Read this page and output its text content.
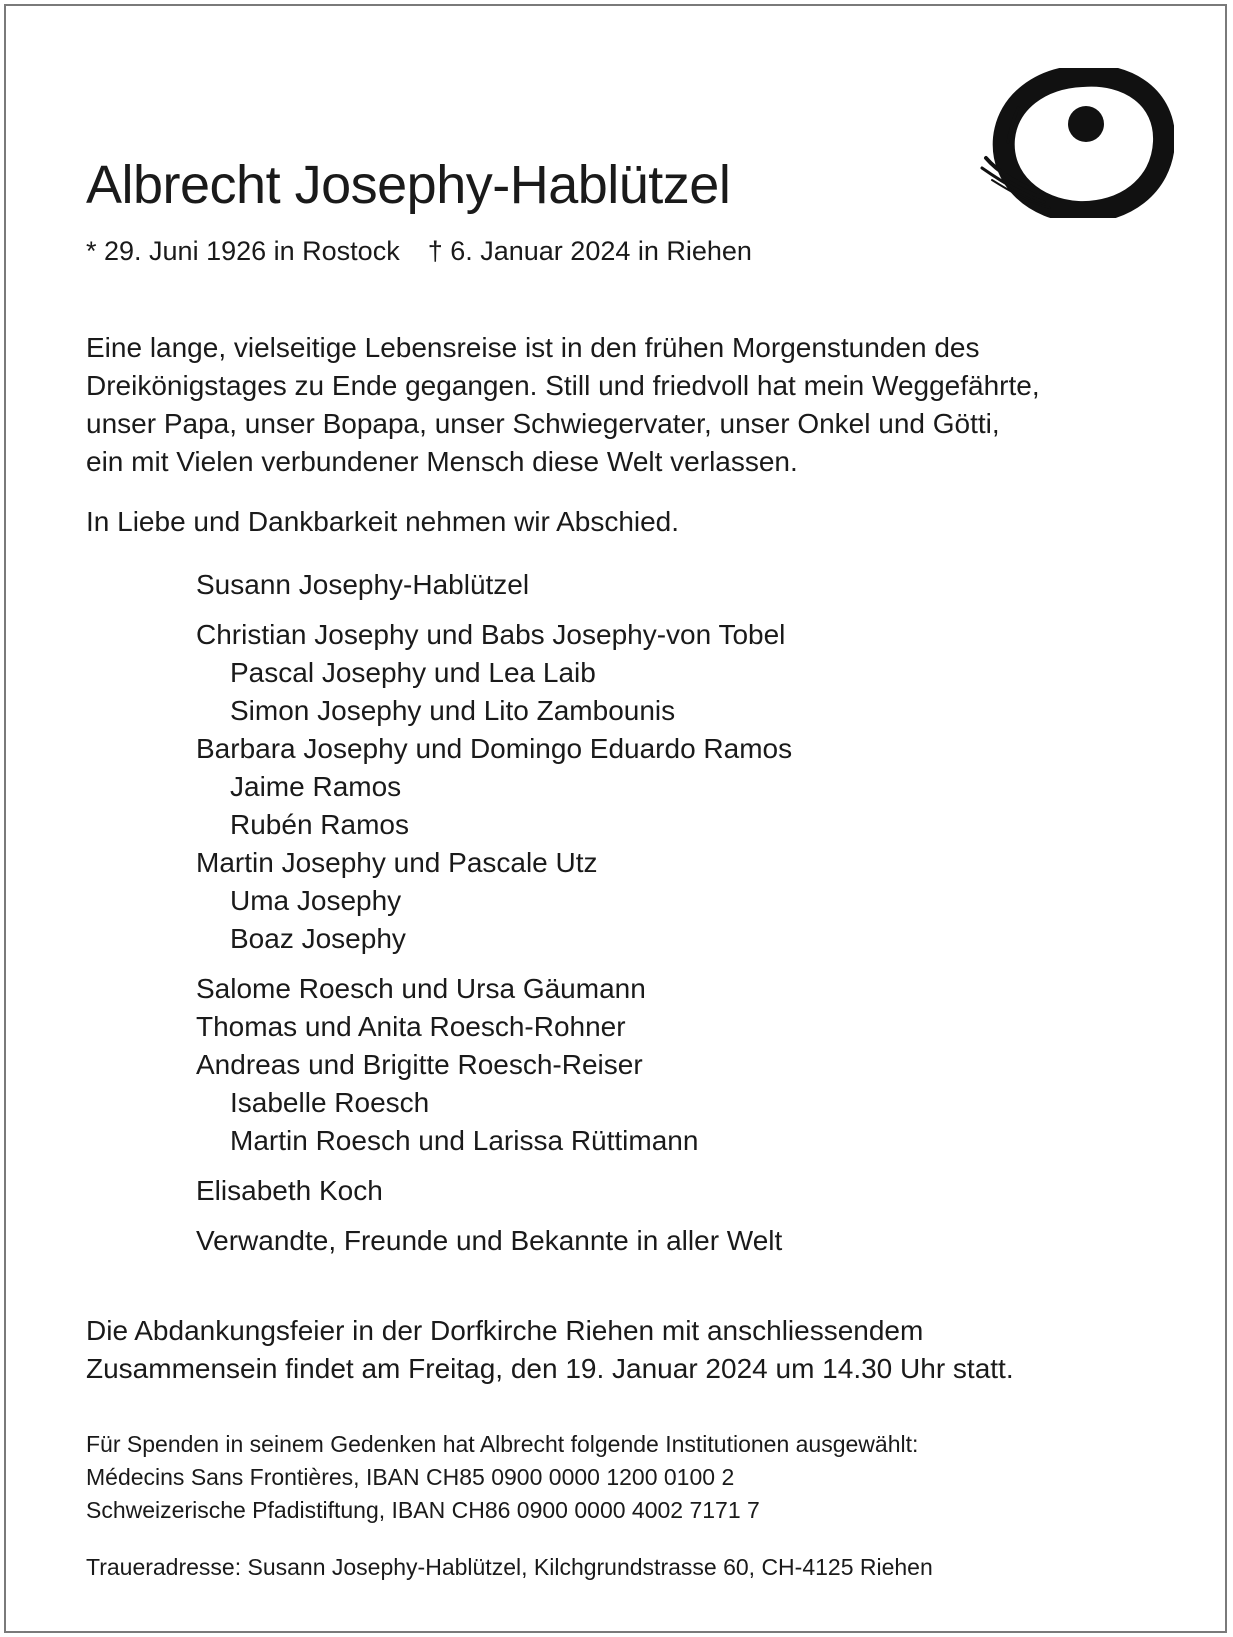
Albrecht Josephy-Hablützel
* 29. Juni 1926 in Rostock † 6. Januar 2024 in Riehen

Eine lange, vielseitige Lebensreise ist in den frühen Morgenstunden des
Dreikönigstages zu Ende gegangen. Still und friedvoll hat mein Weggefährte,
unser Papa, unser Bopapa, unser Schwiegervater, unser Onkel und Götti,
ein mit Vielen verbundener Mensch diese Welt verlassen.

In Liebe und Dankbarkeit nehmen wir Abschied.

Susann Josephy-Hablützel
Christian Josephy und Babs Josephy-von Tobel
Pascal Josephy und Lea Laib
Simon Josephy und Lito Zambounis
Barbara Josephy und Domingo Eduardo Ramos
Jaime Ramos
Rubén Ramos
Martin Josephy und Pascale Utz
Uma Josephy
Boaz Josephy
Salome Roesch und Ursa Gäumann
Thomas und Anita Roesch-Rohner
Andreas und Brigitte Roesch-Reiser
Isabelle Roesch
Martin Roesch und Larissa Rüttimann
Elisabeth Koch
Verwandte, Freunde und Bekannte in aller Welt
Die Abdankungsfeier in der Dorfkirche Riehen mit anschliessendem
Zusammensein findet am Freitag, den 19. Januar 2024 um 14.30 Uhr statt.
Für Spenden in seinem Gedenken hat Albrecht folgende Institutionen ausgewählt:
Médecins Sans Frontières, IBAN CH85 0900 0000 1200 0100 2
Schweizerische Pfadistiftung, IBAN CH86 0900 0000 4002 7171 7
Traueradresse: Susann Josephy-Hablützel, Kilchgrundstrasse 60, CH-4125 Riehen
